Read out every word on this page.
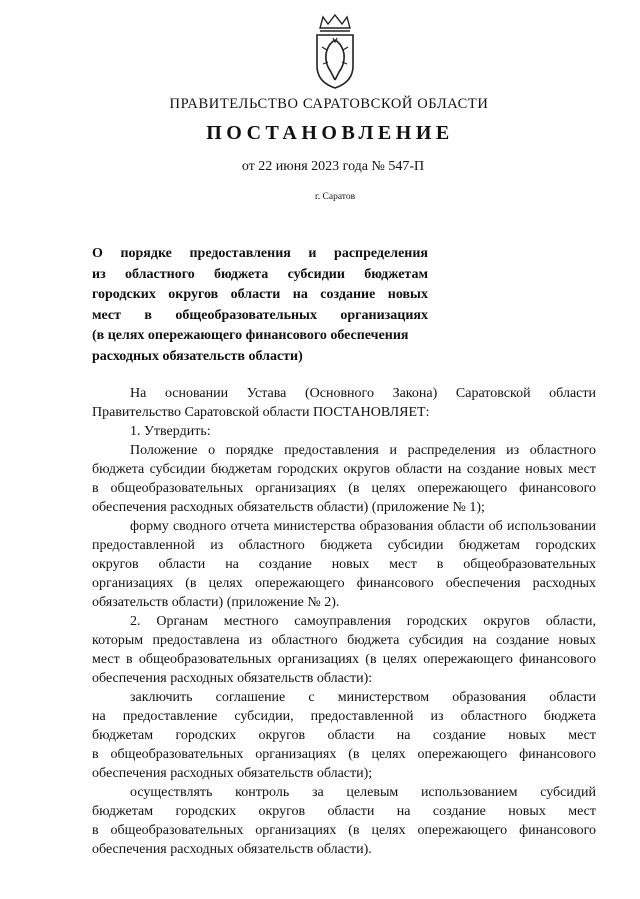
ПРАВИТЕЛЬСТВО САРАТОВСКОЙ ОБЛАСТИ
ПОСТАНОВЛЕНИЕ
от 22 июня 2023 года № 547-П
г. Саратов
О порядке предоставления и распределения
из областного бюджета субсидии бюджетам
городских округов области на создание новых
мест в общеобразовательных организациях
(в целях опережающего финансового обеспечения
расходных обязательств области)
На основании Устава (Основного Закона) Саратовской области
Правительство Саратовской области ПОСТАНОВЛЯЕТ:
1. Утвердить:
Положение о порядке предоставления и распределения из областного
бюджета субсидии бюджетам городских округов области на создание новых мест
в общеобразовательных организациях (в целях опережающего финансового
обеспечения расходных обязательств области) (приложение № 1);
форму сводного отчета министерства образования области об использовании
предоставленной из областного бюджета субсидии бюджетам городских
округов области на создание новых мест в общеобразовательных
организациях (в целях опережающего финансового обеспечения расходных
обязательств области) (приложение № 2).
2. Органам местного самоуправления городских округов области,
которым предоставлена из областного бюджета субсидия на создание новых
мест в общеобразовательных организациях (в целях опережающего финансового
обеспечения расходных обязательств области):
заключить соглашение с министерством образования области
на предоставление субсидии, предоставленной из областного бюджета
бюджетам городских округов области на создание новых мест
в общеобразовательных организациях (в целях опережающего финансового
обеспечения расходных обязательств области);
осуществлять контроль за целевым использованием субсидий
бюджетам городских округов области на создание новых мест
в общеобразовательных организациях (в целях опережающего финансового
обеспечения расходных обязательств области).
